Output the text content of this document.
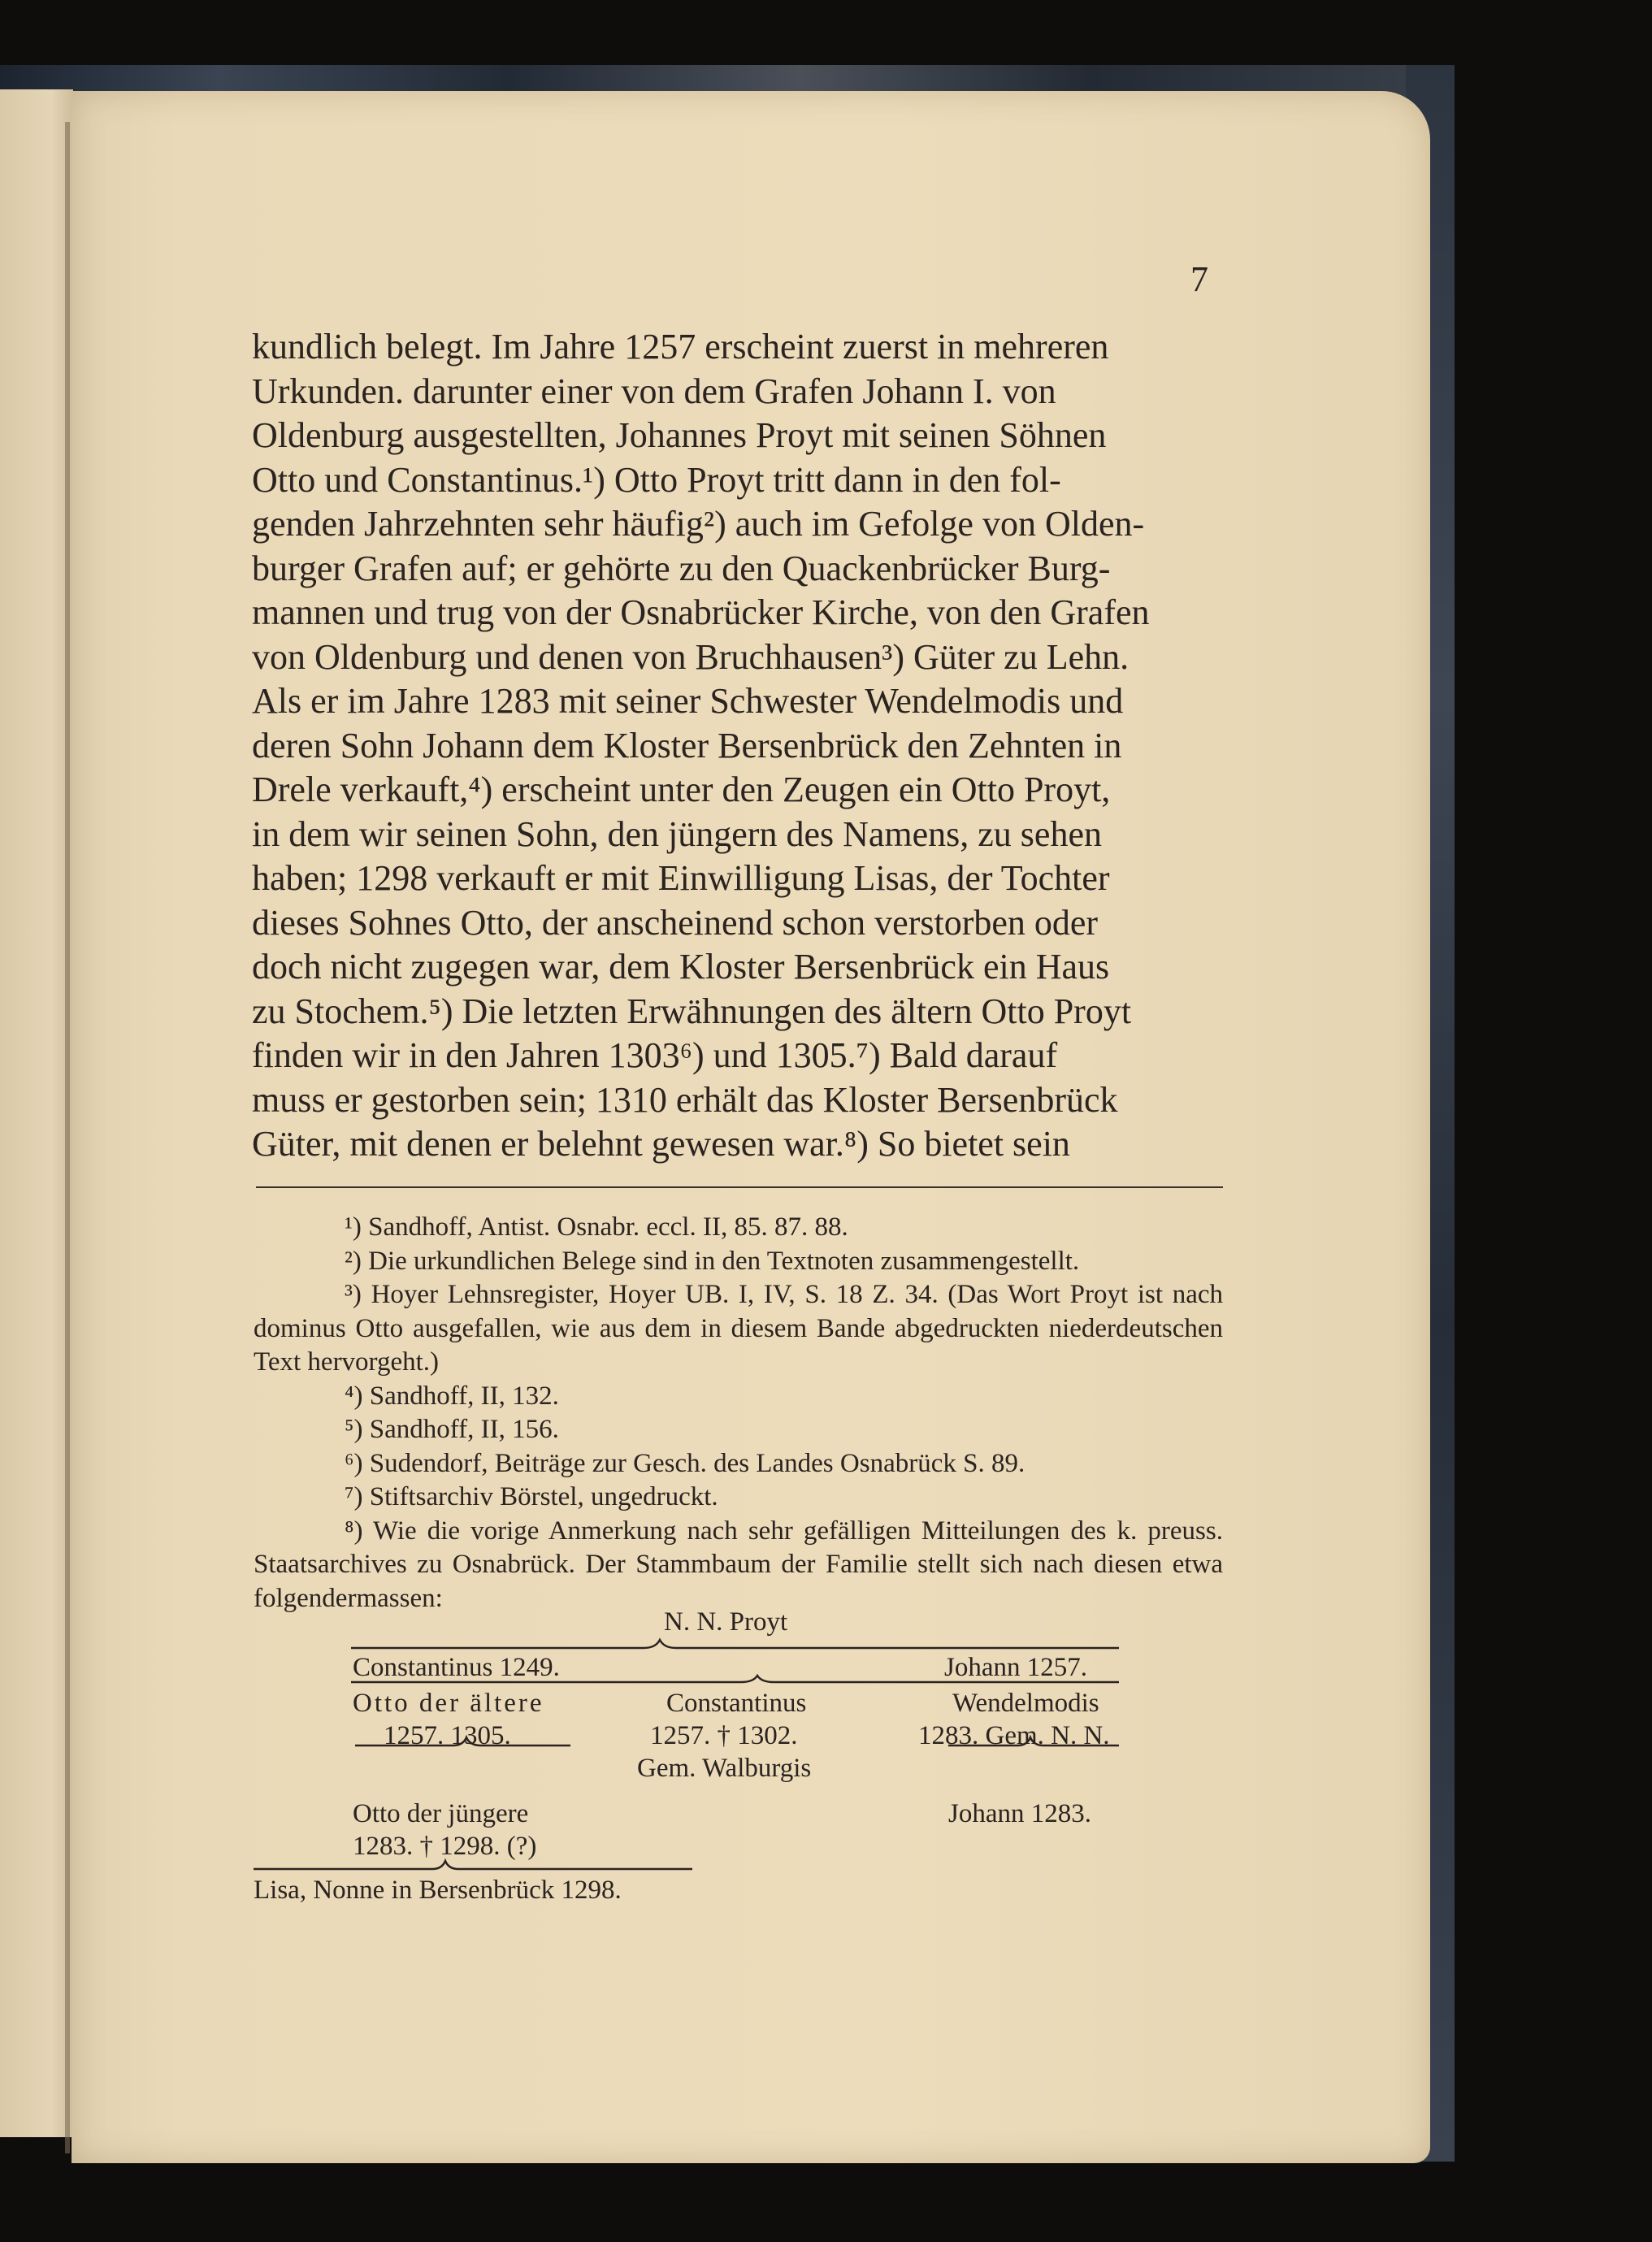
7

kundlich belegt. Im Jahre 1257 erscheint zuerst in mehreren

Urkunden. darunter einer von dem Grafen Johann I. von

Oldenburg ausgestellten, Johannes Proyt mit seinen Söhnen

Otto und Constantinus.¹) Otto Proyt tritt dann in den fol-

genden Jahrzehnten sehr häufig²) auch im Gefolge von Olden-

burger Grafen auf; er gehörte zu den Quackenbrücker Burg-

mannen und trug von der Osnabrücker Kirche, von den Grafen

von Oldenburg und denen von Bruchhausen³) Güter zu Lehn.

Als er im Jahre 1283 mit seiner Schwester Wendelmodis und

deren Sohn Johann dem Kloster Bersenbrück den Zehnten in

Drele verkauft,⁴) erscheint unter den Zeugen ein Otto Proyt,

in dem wir seinen Sohn, den jüngern des Namens, zu sehen

haben; 1298 verkauft er mit Einwilligung Lisas, der Tochter

dieses Sohnes Otto, der anscheinend schon verstorben oder

doch nicht zugegen war, dem Kloster Bersenbrück ein Haus

zu Stochem.⁵) Die letzten Erwähnungen des ältern Otto Proyt

finden wir in den Jahren 1303⁶) und 1305.⁷) Bald darauf

muss er gestorben sein; 1310 erhält das Kloster Bersenbrück

Güter, mit denen er belehnt gewesen war.⁸) So bietet sein

¹) Sandhoff, Antist. Osnabr. eccl. II, 85. 87. 88.

²) Die urkundlichen Belege sind in den Textnoten zusammengestellt.

³) Hoyer Lehnsregister, Hoyer UB. I, IV, S. 18 Z. 34. (Das Wort Proyt ist nach dominus Otto ausgefallen, wie aus dem in diesem Bande abgedruckten niederdeutschen Text hervorgeht.)

⁴) Sandhoff, II, 132.

⁵) Sandhoff, II, 156.

⁶) Sudendorf, Beiträge zur Gesch. des Landes Osnabrück S. 89.

⁷) Stiftsarchiv Börstel, ungedruckt.

⁸) Wie die vorige Anmerkung nach sehr gefälligen Mitteilungen des k. preuss. Staatsarchives zu Osnabrück. Der Stammbaum der Familie stellt sich nach diesen etwa folgendermassen:

N. N. Proyt
Constantinus 1249.	Johann 1257.
Otto der ältere
1257. 1305.
Constantinus
1257. † 1302.
Gem. Walburgis
Wendelmodis
1283. Gem. N. N.
Otto der jüngere
1283. † 1298. (?)
Johann 1283.
Lisa, Nonne in Bersenbrück 1298.
